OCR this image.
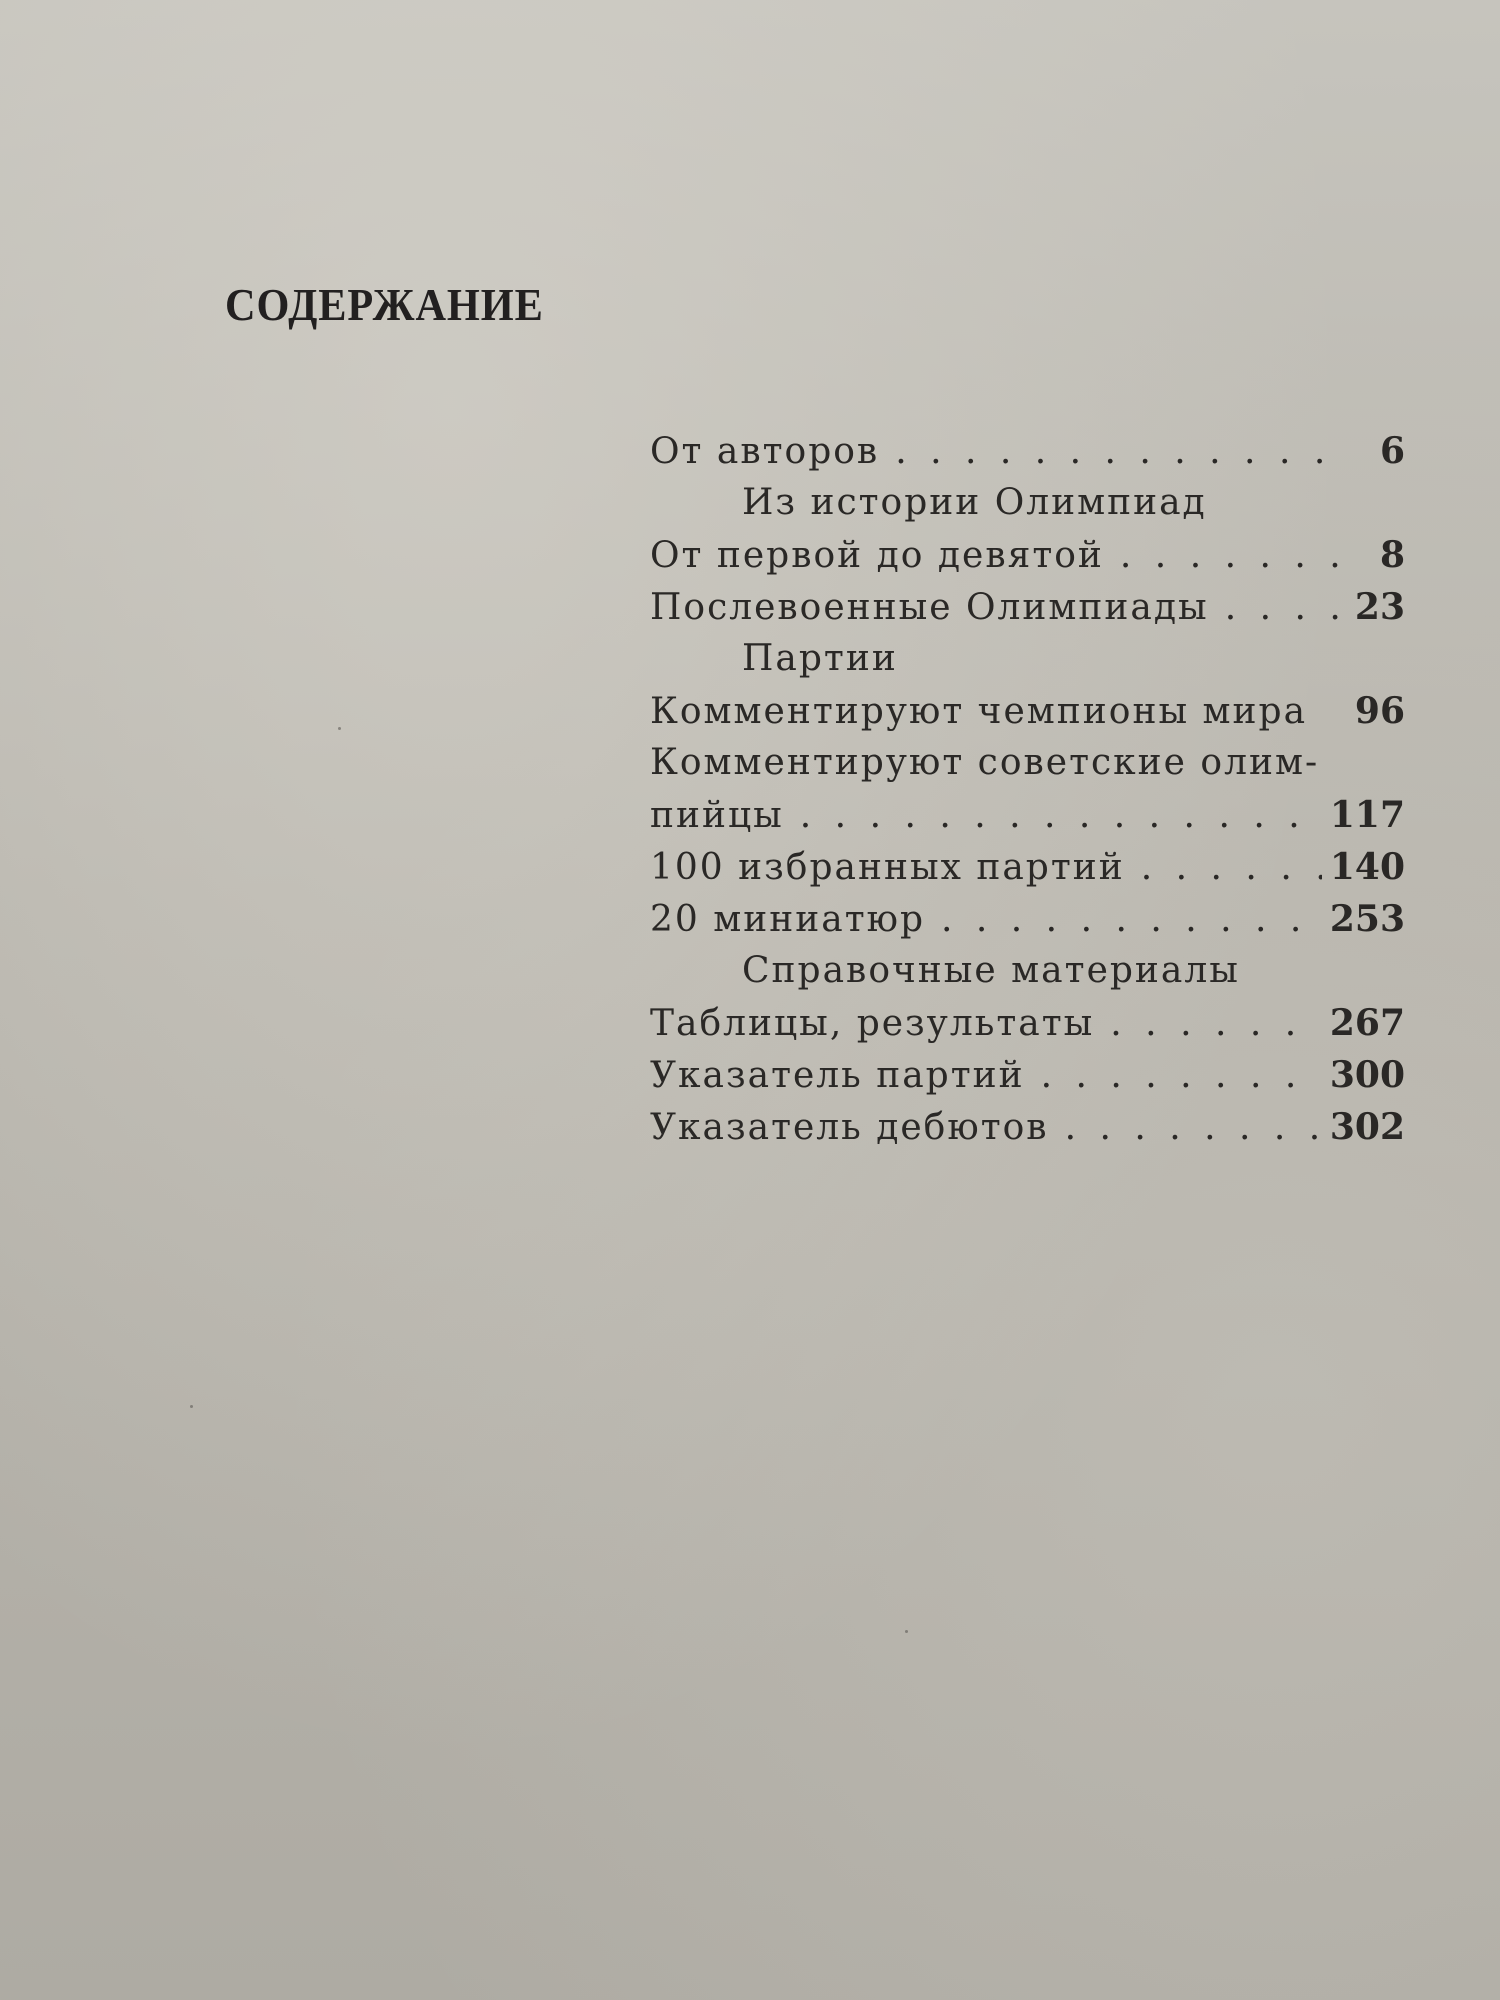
СОДЕРЖАНИЕ
От авторов . . .	6
Из истории Олимпиад
От первой до девятой . . .	8
Послевоенные Олимпиады . . .	23
Партии
Комментируют чемпионы мира	96
Комментируют советские олим-
пийцы . . .	117
100 избранных партий . . .	140
20 миниатюр . . .	253
Справочные материалы
Таблицы, результаты . . .	267
Указатель партий . . .	300
Указатель дебютов . . .	302
